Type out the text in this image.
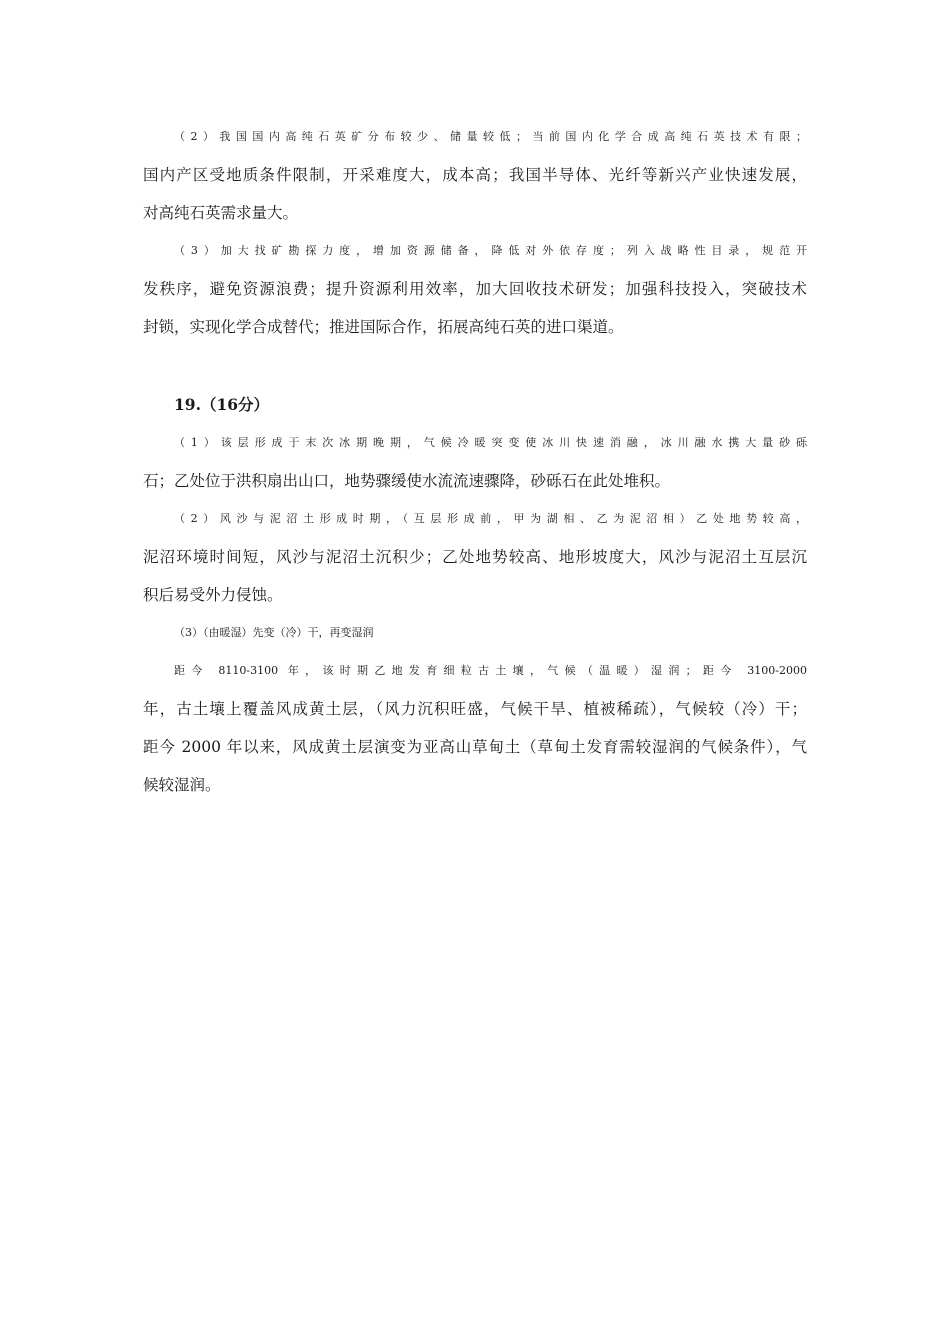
（2）我国国内高纯石英矿分布较少、储量较低；当前国内化学合成高纯石英技术有限；
国内产区受地质条件限制，开采难度大，成本高；我国半导体、光纤等新兴产业快速发展，
对高纯石英需求量大。

（3）加大找矿勘探力度，增加资源储备，降低对外依存度；列入战略性目录，规范开
发秩序，避免资源浪费；提升资源利用效率，加大回收技术研发；加强科技投入，突破技术
封锁，实现化学合成替代；推进国际合作，拓展高纯石英的进口渠道。

19.（16分）

（1）该层形成于末次冰期晚期，气候冷暖突变使冰川快速消融，冰川融水携大量砂砾
石；乙处位于洪积扇出山口，地势骤缓使水流流速骤降，砂砾石在此处堆积。

（2）风沙与泥沼土形成时期，（互层形成前，甲为湖相、乙为泥沼相）乙处地势较高，
泥沼环境时间短，风沙与泥沼土沉积少；乙处地势较高、地形坡度大，风沙与泥沼土互层沉
积后易受外力侵蚀。

（3）（由暖湿）先变（冷）干，再变湿润

距今 8110-3100 年，该时期乙地发育细粒古土壤，气候（温暖）湿润；距今 3100-2000
年，古土壤上覆盖风成黄土层，（风力沉积旺盛，气候干旱、植被稀疏），气候较（冷）干；
距今 2000 年以来，风成黄土层演变为亚高山草甸土（草甸土发育需较湿润的气候条件），气
候较湿润。
